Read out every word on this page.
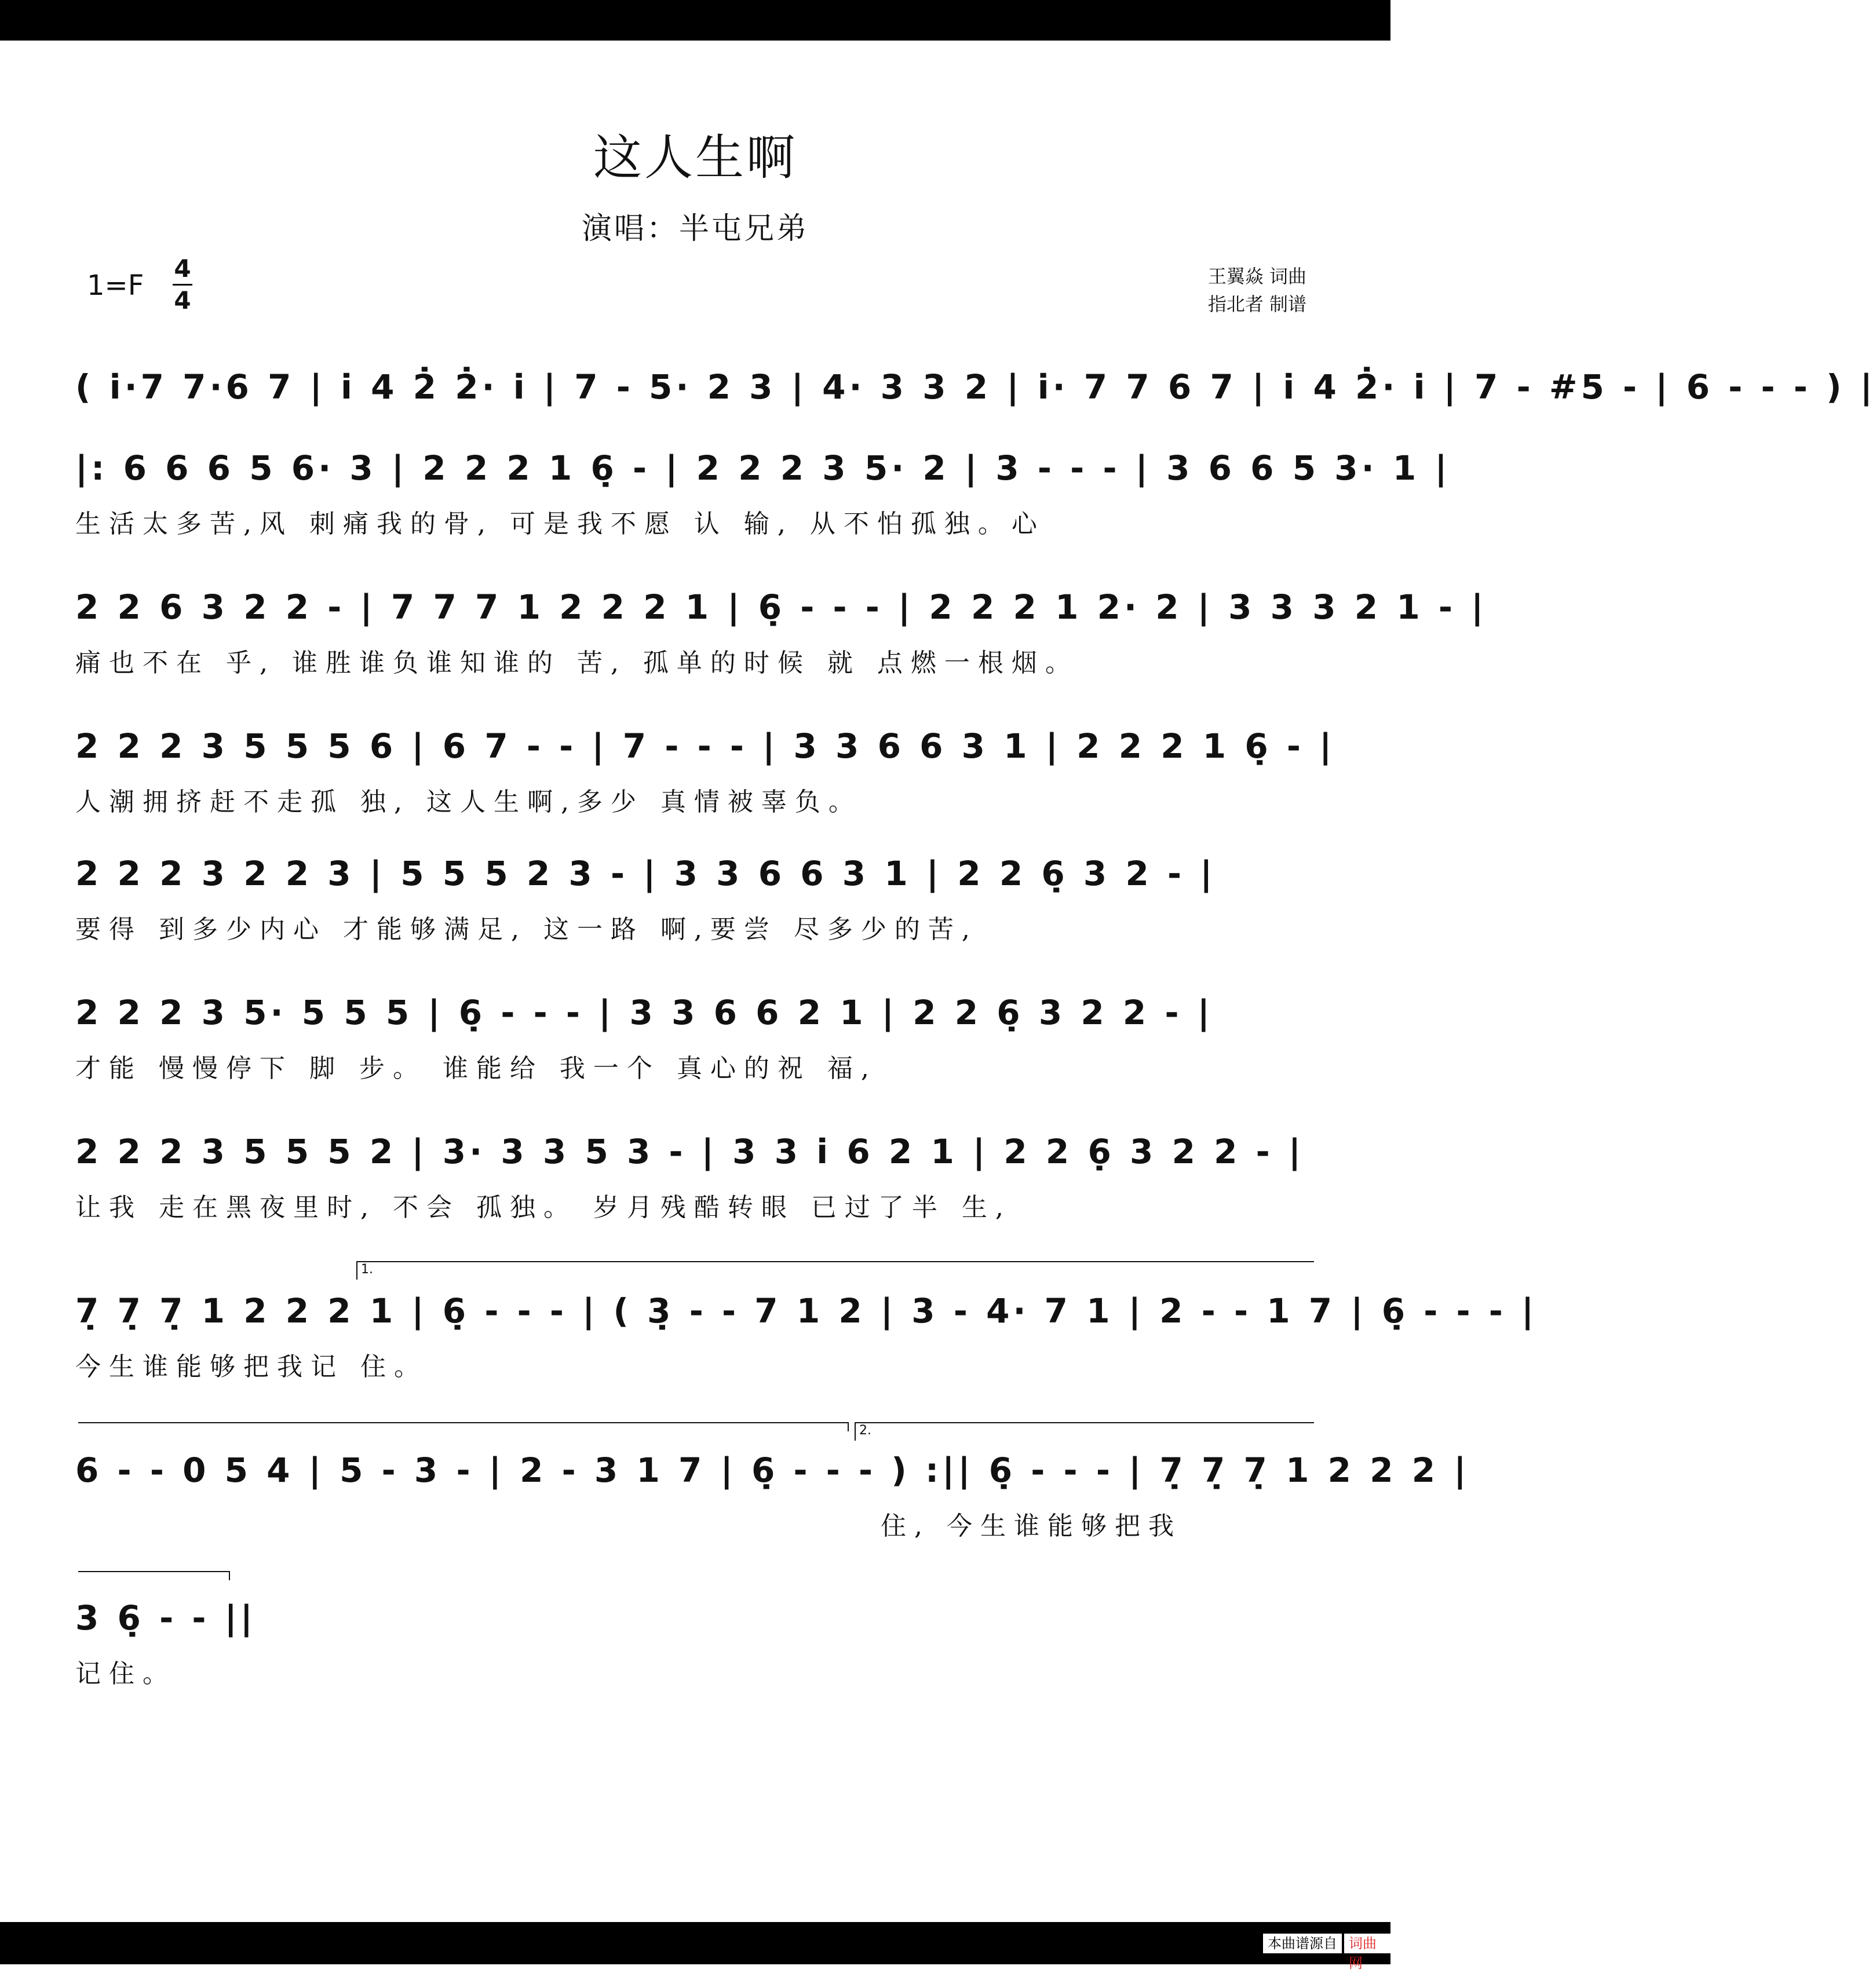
这人生啊
演唱：半屯兄弟
1=F
4
4
王翼焱 词曲
指北者 制谱
( i̇·7 7·6 7 | i̇ 4 2̇ 2̇· i̇ | 7 - 5· 2 3 | 4· 3 3 2 | i̇· 7 7 6 7 | i̇ 4 2̇· i̇ | 7 - #5 - | 6 - - - ) |
|: 6 6 6 5 6· 3 | 2 2 2 1 6̣ - | 2 2 2 3 5· 2 | 3 - - - | 3 6 6 5 3· 1 |
生活太多苦,风 刺痛我的骨, 可是我不愿 认 输, 从不怕孤独。心
2 2 6 3 2 2 - | 7 7 7 1 2 2 2 1 | 6̣ - - - | 2 2 2 1 2· 2 | 3 3 3 2 1 - |
痛也不在 乎, 谁胜谁负谁知谁的 苦, 孤单的时候 就 点燃一根烟。
2 2 2 3 5 5 5 6 | 6 7 - - | 7 - - - | 3 3 6 6 3 1 | 2 2 2 1 6̣ - |
人潮拥挤赶不走孤 独, 这人生啊,多少 真情被辜负。
2 2 2 3 2 2 3 | 5 5 5 2 3 - | 3 3 6 6 3 1 | 2 2 6̣ 3 2 - |
要得 到多少内心 才能够满足, 这一路 啊,要尝 尽多少的苦,
2 2 2 3 5· 5 5 5 | 6̣ - - - | 3 3 6 6 2 1 | 2 2 6̣ 3 2 2 - |
才能 慢慢停下 脚 步。 谁能给 我一个 真心的祝 福,
2 2 2 3 5 5 5 2 | 3· 3 3 5 3 - | 3 3 i̇ 6 2 1 | 2 2 6̣ 3 2 2 - |
让我 走在黑夜里时, 不会 孤独。 岁月残酷转眼 已过了半 生,
1.
7̣ 7̣ 7̣ 1 2 2 2 1 | 6̣ - - - | ( 3̣ - - 7 1 2 | 3 - 4· 7 1 | 2 - - 1 7 | 6̣ - - - |
今生谁能够把我记 住。
2.
6 - - 0 5 4 | 5 - 3 - | 2 - 3 1 7 | 6̣ - - - ) :|| 6̣ - - - | 7̣ 7̣ 7̣ 1 2 2 2 |
住, 今生谁能够把我
3 6̣ - - ||
记住。
本曲谱源自 词曲网
